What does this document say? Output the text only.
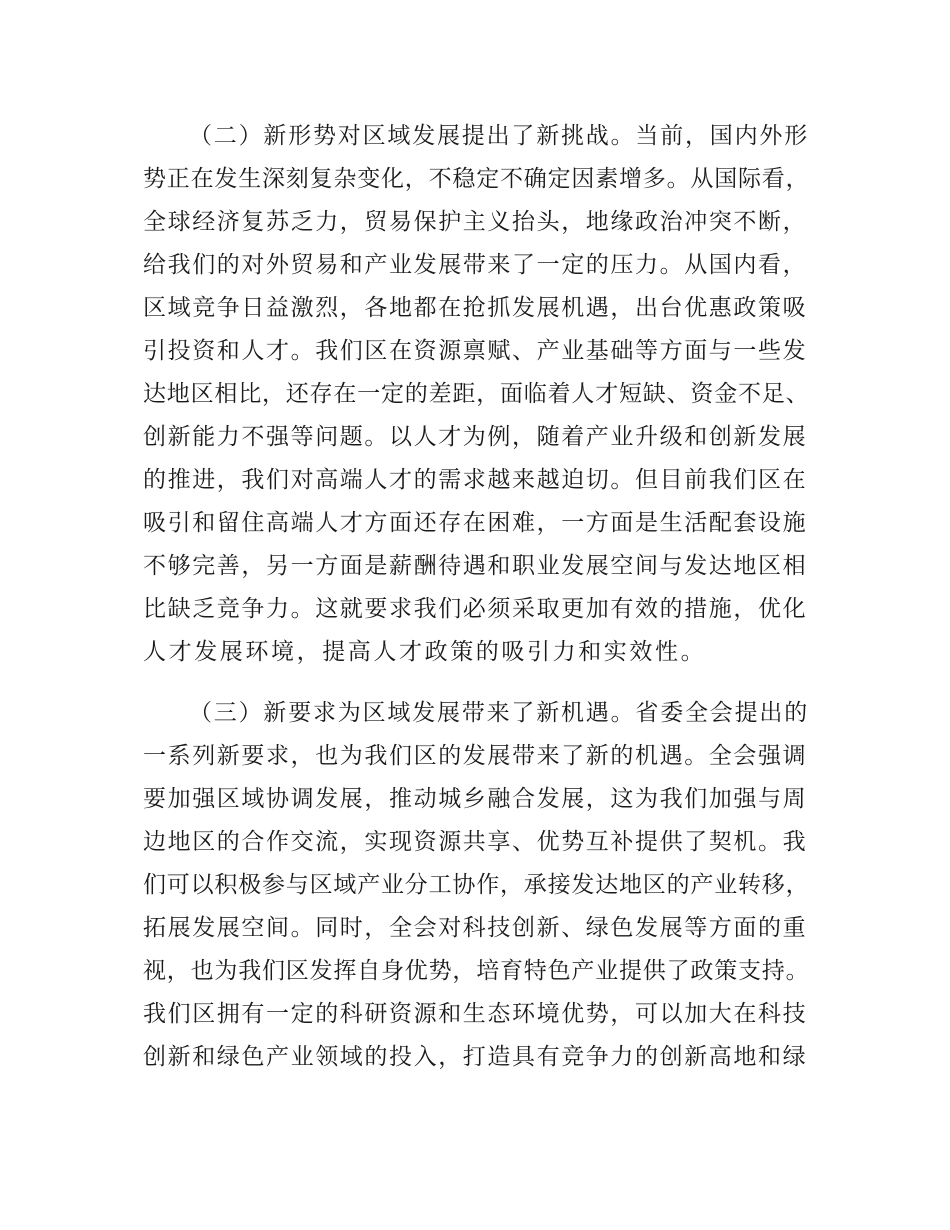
（二）新形势对区域发展提出了新挑战。当前，国内外形
势正在发生深刻复杂变化，不稳定不确定因素增多。从国际看，
全球经济复苏乏力，贸易保护主义抬头，地缘政治冲突不断，
给我们的对外贸易和产业发展带来了一定的压力。从国内看，
区域竞争日益激烈，各地都在抢抓发展机遇，出台优惠政策吸
引投资和人才。我们区在资源禀赋、产业基础等方面与一些发
达地区相比，还存在一定的差距，面临着人才短缺、资金不足、
创新能力不强等问题。以人才为例，随着产业升级和创新发展
的推进，我们对高端人才的需求越来越迫切。但目前我们区在
吸引和留住高端人才方面还存在困难，一方面是生活配套设施
不够完善，另一方面是薪酬待遇和职业发展空间与发达地区相
比缺乏竞争力。这就要求我们必须采取更加有效的措施，优化
人才发展环境，提高人才政策的吸引力和实效性。
（三）新要求为区域发展带来了新机遇。省委全会提出的
一系列新要求，也为我们区的发展带来了新的机遇。全会强调
要加强区域协调发展，推动城乡融合发展，这为我们加强与周
边地区的合作交流，实现资源共享、优势互补提供了契机。我
们可以积极参与区域产业分工协作，承接发达地区的产业转移，
拓展发展空间。同时，全会对科技创新、绿色发展等方面的重
视，也为我们区发挥自身优势，培育特色产业提供了政策支持。
我们区拥有一定的科研资源和生态环境优势，可以加大在科技
创新和绿色产业领域的投入，打造具有竞争力的创新高地和绿
